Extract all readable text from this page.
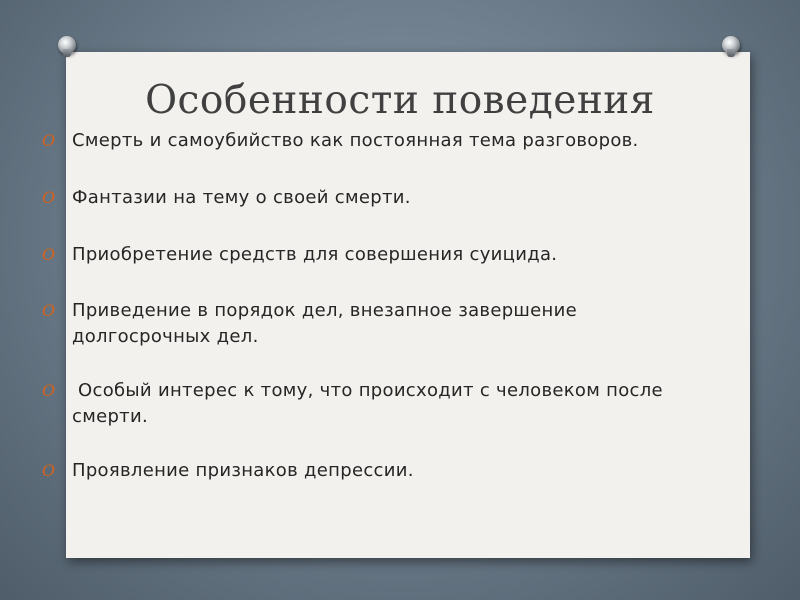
Особенности поведения
O Смерть и самоубийство как постоянная тема разговоров.
O Фантазии на тему о своей смерти.
O Приобретение средств для совершения суицида.
O Приведение в порядок дел, внезапное завершение
долгосрочных дел.
O	Особый интерес к тому, что происходит с человеком после
смерти.
O Проявление признаков депрессии.
